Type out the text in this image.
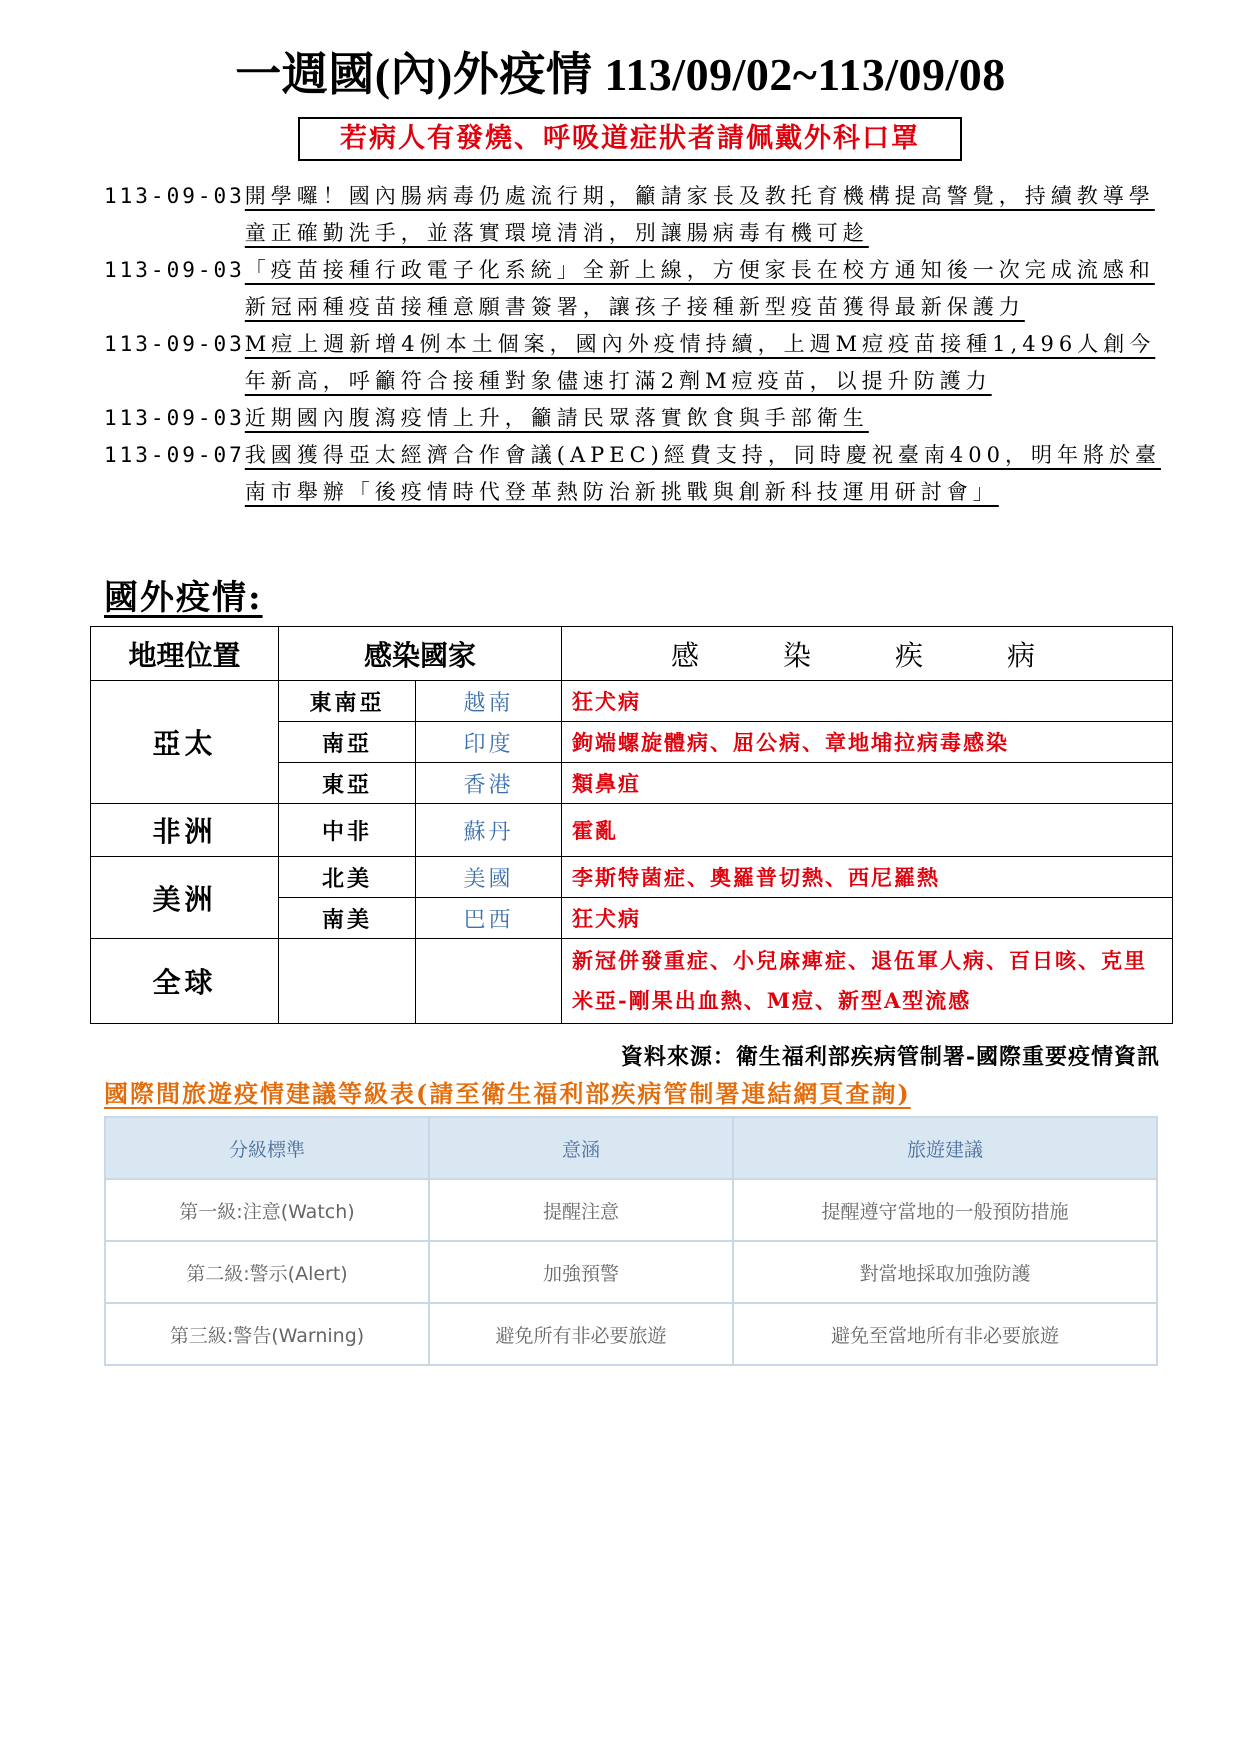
一週國(內)外疫情 113/09/02~113/09/08
若病人有發燒、呼吸道症狀者請佩戴外科口罩
113-09-03 開學囉！國內腸病毒仍處流行期，籲請家長及教托育機構提高警覺，持續教導學童正確勤洗手，並落實環境清消，別讓腸病毒有機可趁
113-09-03 「疫苗接種行政電子化系統」全新上線，方便家長在校方通知後一次完成流感和新冠兩種疫苗接種意願書簽署，讓孩子接種新型疫苗獲得最新保護力
113-09-03 M痘上週新增4例本土個案，國內外疫情持續，上週M痘疫苗接種1,496人創今年新高，呼籲符合接種對象儘速打滿2劑M痘疫苗，以提升防護力
113-09-03 近期國內腹瀉疫情上升，籲請民眾落實飲食與手部衛生
113-09-07 我國獲得亞太經濟合作會議(APEC)經費支持，同時慶祝臺南400，明年將於臺南市舉辦「後疫情時代登革熱防治新挑戰與創新科技運用研討會」
國外疫情:
地理位置	感染國家		感　染　疾　病
亞太	東南亞	越南	狂犬病
	南亞	印度	鉤端螺旋體病、屈公病、章地埔拉病毒感染
	東亞	香港	類鼻疽
非洲	中非	蘇丹	霍亂
美洲	北美	美國	李斯特菌症、奧羅普切熱、西尼羅熱
	南美	巴西	狂犬病
全球			新冠併發重症、小兒麻痺症、退伍軍人病、百日咳、克里米亞-剛果出血熱、M痘、新型A型流感
資料來源：衛生福利部疾病管制署-國際重要疫情資訊
國際間旅遊疫情建議等級表(請至衛生福利部疾病管制署連結網頁查詢)
分級標準	意涵	旅遊建議
第一級:注意(Watch)	提醒注意	提醒遵守當地的一般預防措施
第二級:警示(Alert)	加強預警	對當地採取加強防護
第三級:警告(Warning)	避免所有非必要旅遊	避免至當地所有非必要旅遊
